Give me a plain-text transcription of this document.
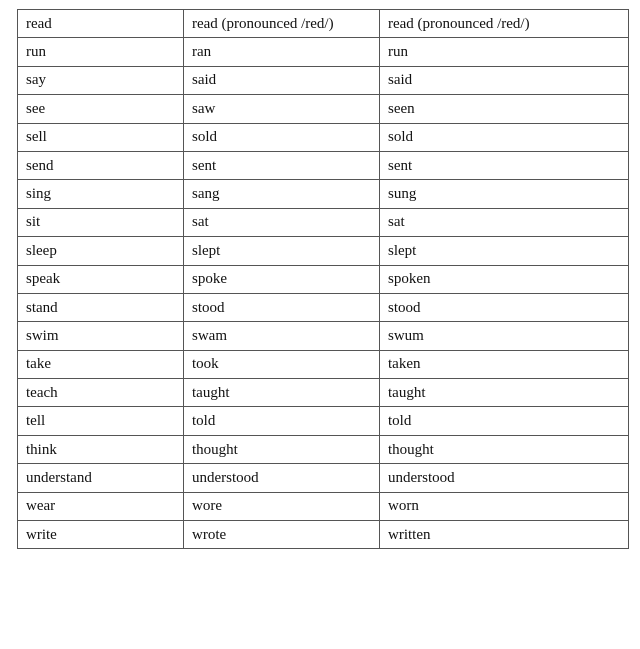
read	read (pronounced /red/)	read (pronounced /red/)
run	ran	run
say	said	said
see	saw	seen
sell	sold	sold
send	sent	sent
sing	sang	sung
sit	sat	sat
sleep	slept	slept
speak	spoke	spoken
stand	stood	stood
swim	swam	swum
take	took	taken
teach	taught	taught
tell	told	told
think	thought	thought
understand	understood	understood
wear	wore	worn
write	wrote	written
